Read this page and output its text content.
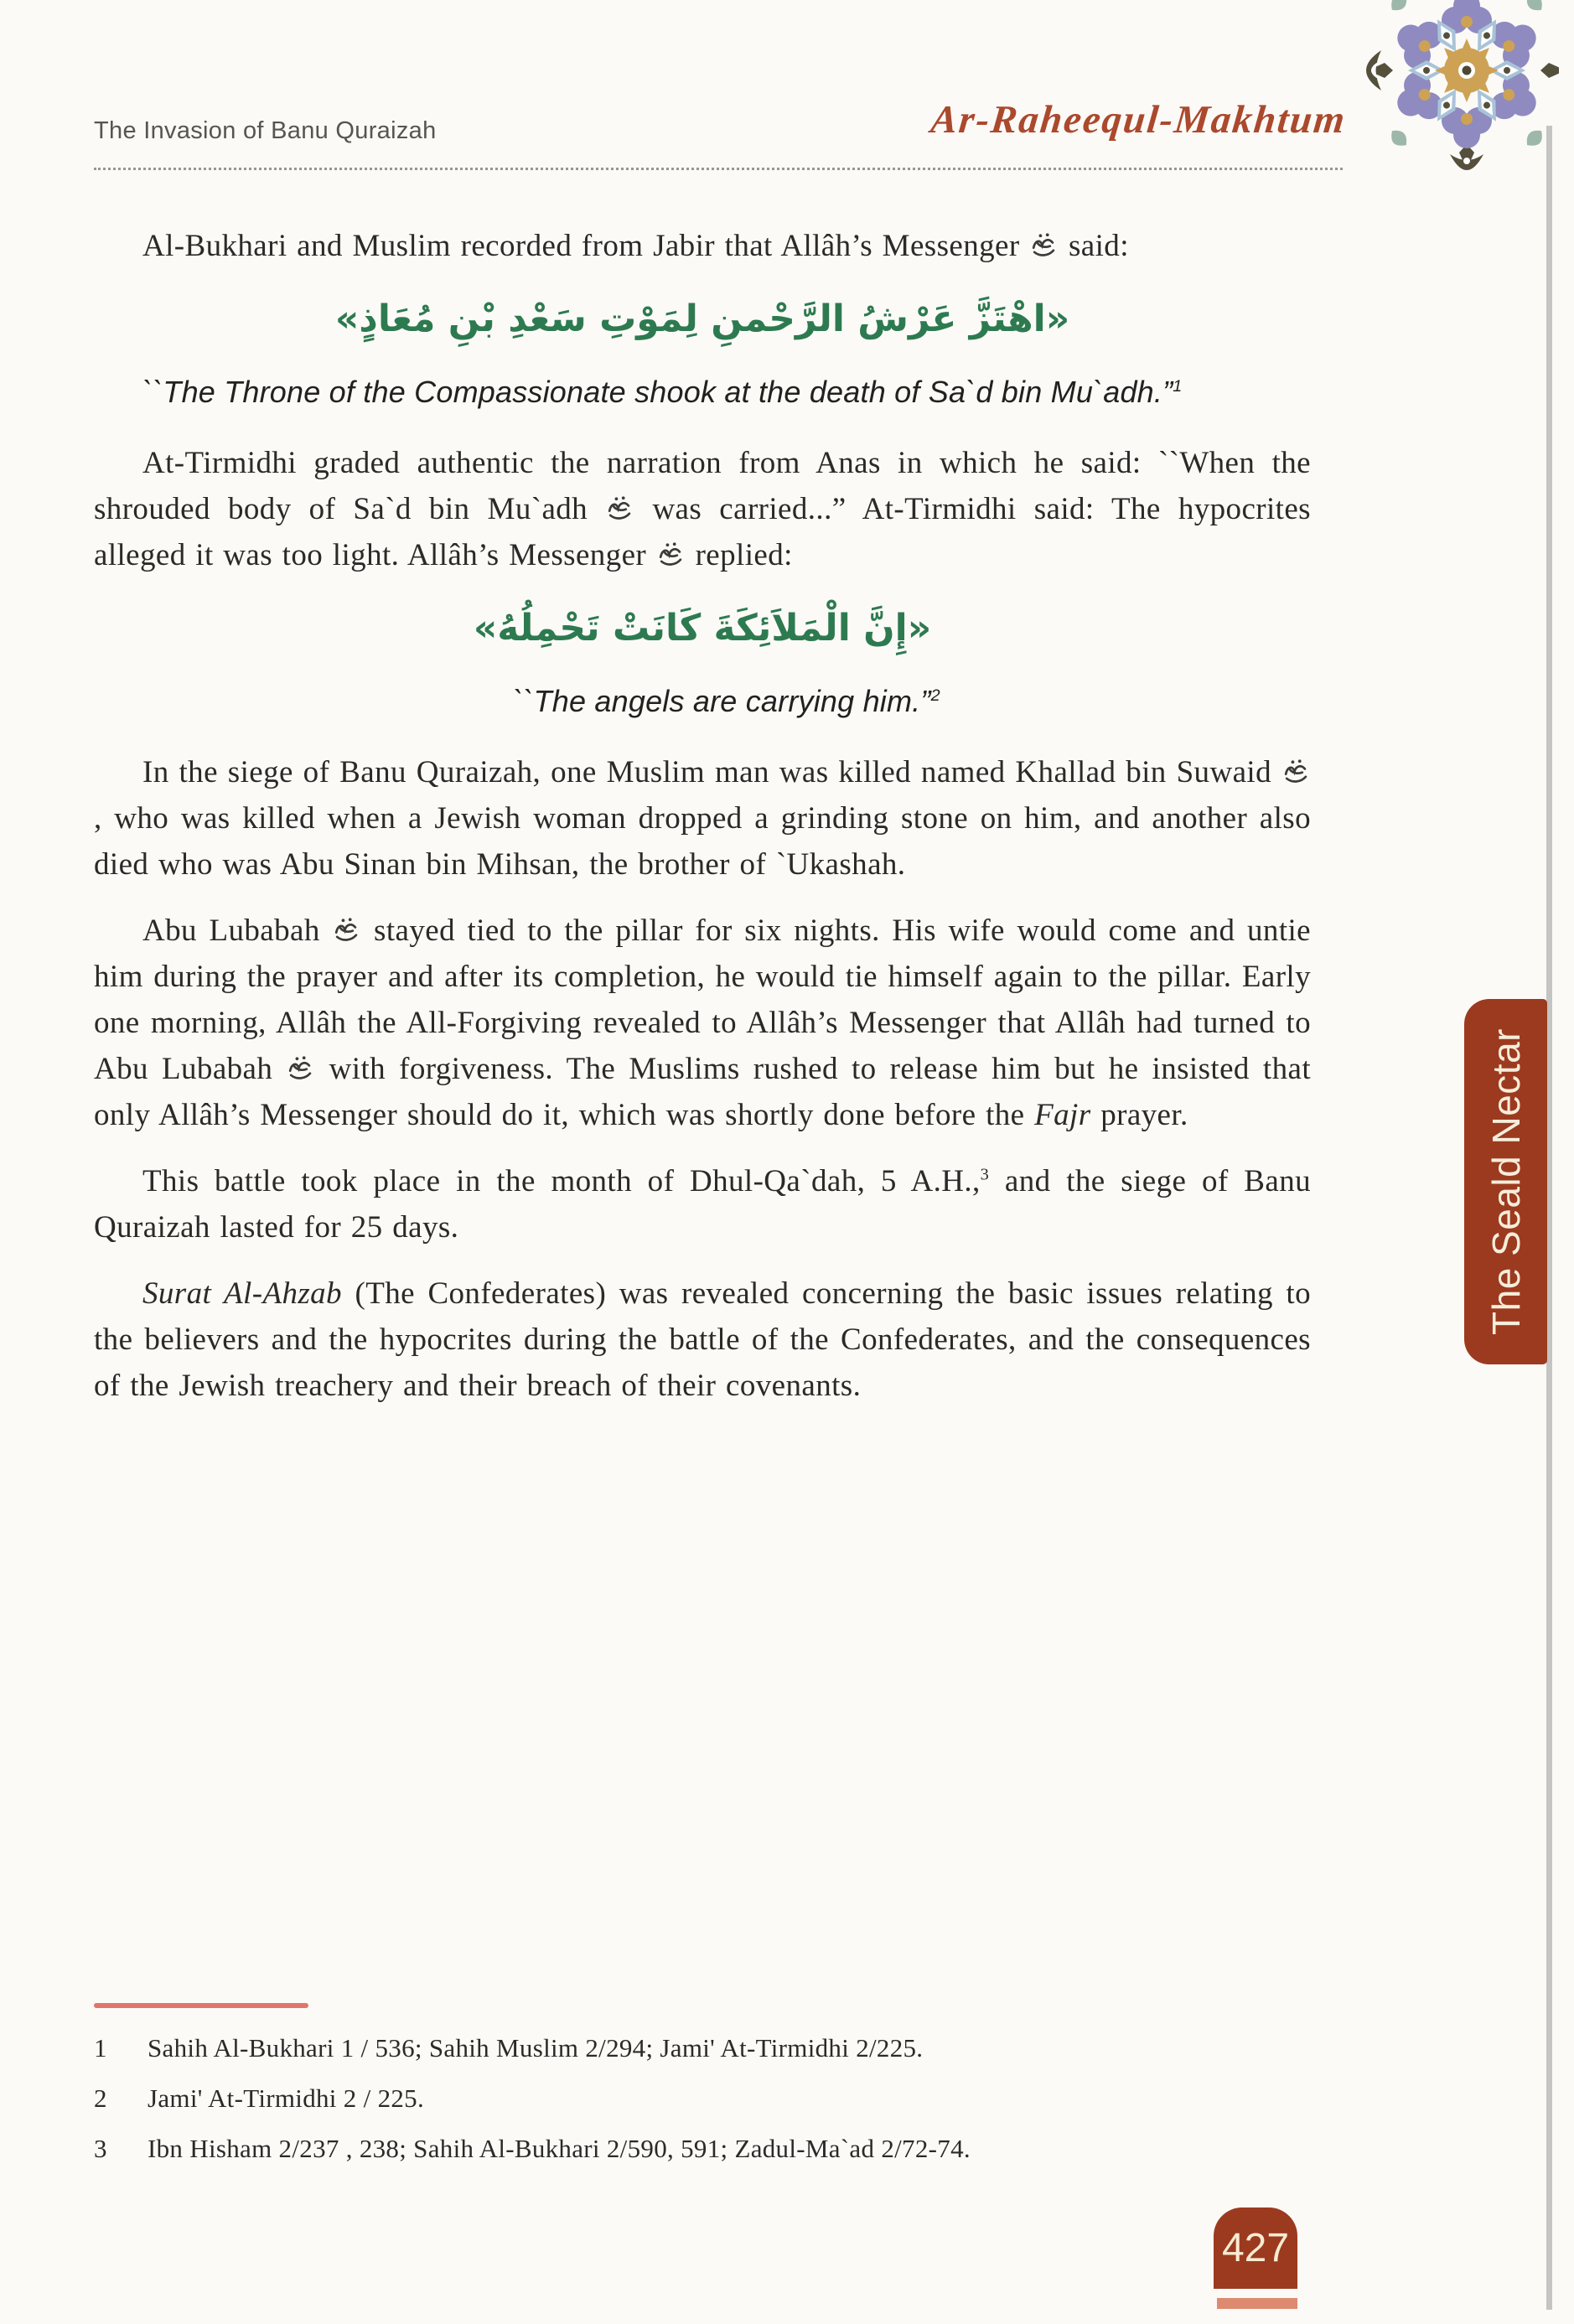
The Invasion of Banu Quraizah	Ar-Raheequl-Makhtum

Al-Bukhari and Muslim recorded from Jabir that Allâh’s Messenger  said:

«اهْتَزَّ عَرْشُ الرَّحْمنِ لِمَوْتِ سَعْدِ بْنِ مُعَاذٍ»

``The Throne of the Compassionate shook at the death of Sa`d bin Mu`adh.”$^1$

At-Tirmidhi graded authentic the narration from Anas in which he said: ``When the shrouded body of Sa`d bin Mu`adh  was carried...” At-Tirmidhi said: The hypocrites alleged it was too light. Allâh’s Messenger  replied:

«إِنَّ الْمَلاَئِكَةَ كَانَتْ تَحْمِلُهُ»

``The angels are carrying him.”$^2$

In the siege of Banu Quraizah, one Muslim man was killed named Khallad bin Suwaid , who was killed when a Jewish woman dropped a grinding stone on him, and another also died who was Abu Sinan bin Mihsan, the brother of `Ukashah.

Abu Lubabah  stayed tied to the pillar for six nights. His wife would come and untie him during the prayer and after its completion, he would tie himself again to the pillar. Early one morning, Allâh the All-Forgiving revealed to Allâh’s Messenger that Allâh had turned to Abu Lubabah  with forgiveness. The Muslims rushed to release him but he insisted that only Allâh’s Messenger should do it, which was shortly done before the Fajr prayer.

This battle took place in the month of Dhul-Qa`dah, 5 A.H.,$^3$ and the siege of Banu Quraizah lasted for 25 days.

Surat Al-Ahzab (The Confederates) was revealed concerning the basic issues relating to the believers and the hypocrites during the battle of the Confederates, and the consequences of the Jewish treachery and their breach of their covenants.

The Seald Nectar
1	Sahih Al-Bukhari 1 / 536; Sahih Muslim 2/294; Jami' At-Tirmidhi 2/225.
2	Jami' At-Tirmidhi 2 / 225.
3	Ibn Hisham 2/237 , 238; Sahih Al-Bukhari 2/590, 591; Zadul-Ma`ad 2/72-74.
427
